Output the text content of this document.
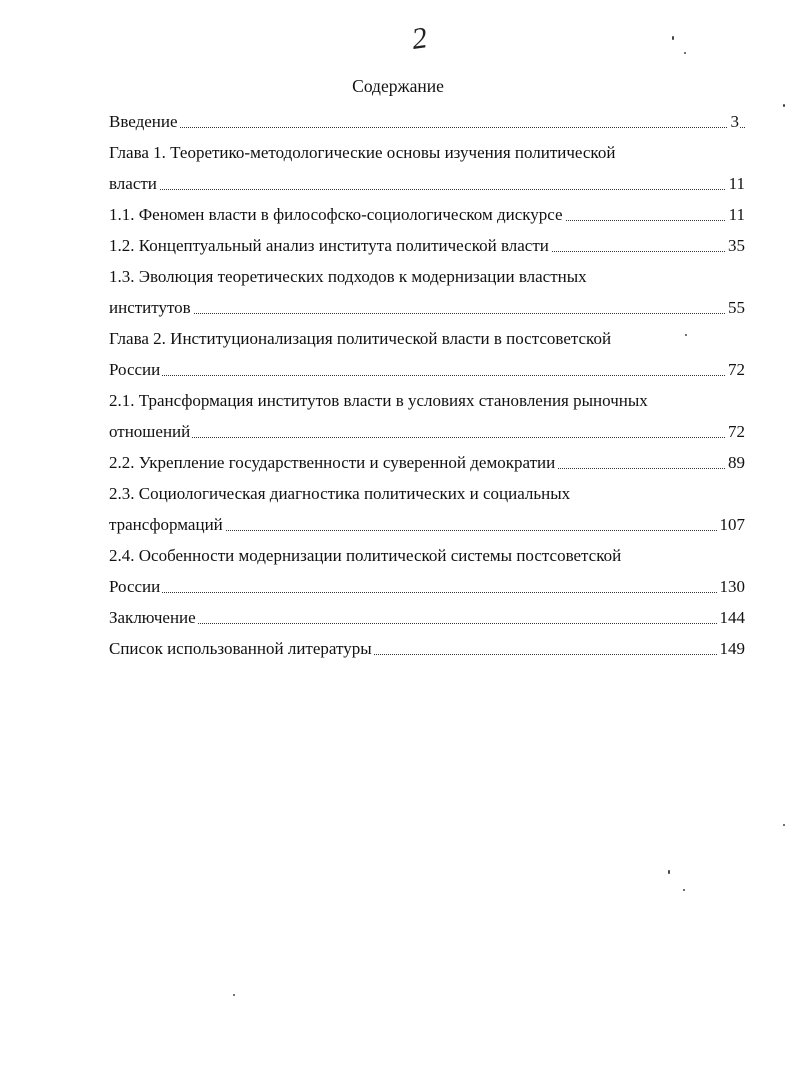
2
Содержание
Введение	3
Глава 1. Теоретико-методологические основы изучения политической
власти	11
1.1. Феномен власти в философско-социологическом дискурсе	11
1.2. Концептуальный анализ института политической власти	35
1.3. Эволюция теоретических подходов к модернизации властных
институтов	55
Глава 2. Институционализация политической власти в постсоветской
России	72
2.1. Трансформация институтов власти в условиях становления рыночных
отношений	72
2.2. Укрепление государственности и суверенной демократии	89
2.3. Социологическая диагностика политических и социальных
трансформаций	107
2.4. Особенности модернизации политической системы постсоветской
России	130
Заключение	144
Список использованной литературы	149
